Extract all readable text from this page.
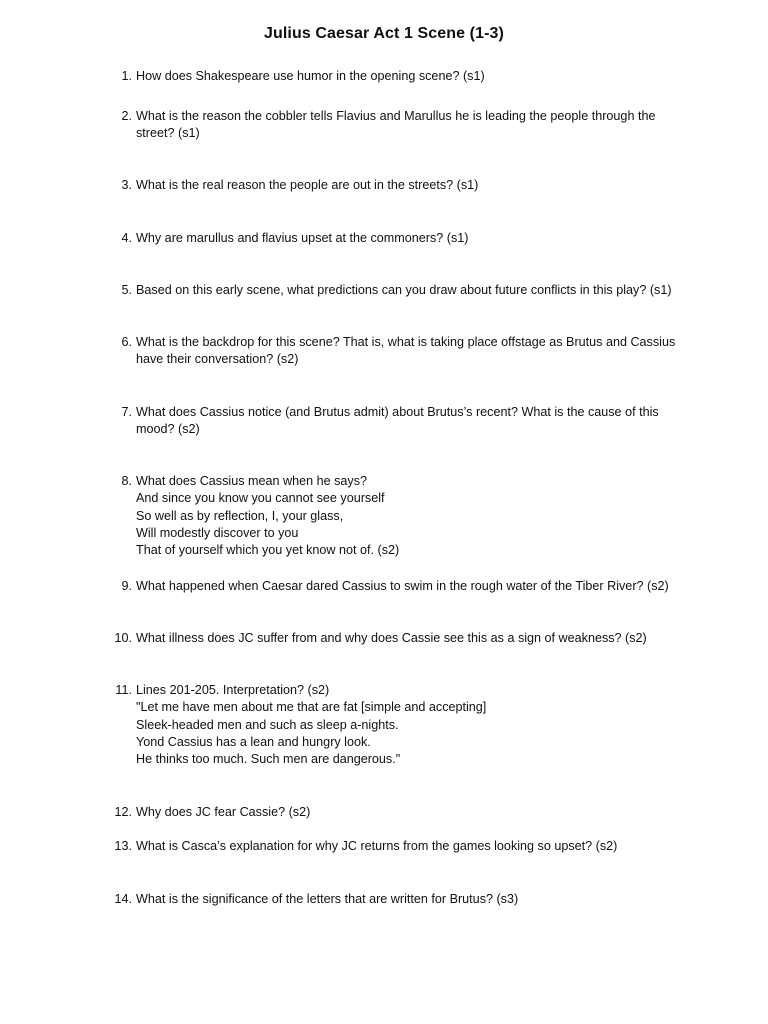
Julius Caesar Act 1 Scene (1-3)
1. How does Shakespeare use humor in the opening scene? (s1)
2. What is the reason the cobbler tells Flavius and Marullus he is leading the people through the
street? (s1)
3. What is the real reason the people are out in the streets? (s1)
4. Why are marullus and flavius upset at the commoners? (s1)
5. Based on this early scene, what predictions can you draw about future conflicts in this play? (s1)
6. What is the backdrop for this scene? That is, what is taking place offstage as Brutus and Cassius
have their conversation? (s2)
7. What does Cassius notice (and Brutus admit) about Brutus’s recent? What is the cause of this
mood? (s2)
8. What does Cassius mean when he says?
And since you know you cannot see yourself
So well as by reflection, I, your glass,
Will modestly discover to you
That of yourself which you yet know not of. (s2)
9. What happened when Caesar dared Cassius to swim in the rough water of the Tiber River? (s2)
10. What illness does JC suffer from and why does Cassie see this as a sign of weakness? (s2)
11. Lines 201-205. Interpretation? (s2)
"Let me have men about me that are fat [simple and accepting]
Sleek-headed men and such as sleep a-nights.
Yond Cassius has a lean and hungry look.
He thinks too much. Such men are dangerous."
12. Why does JC fear Cassie? (s2)
13. What is Casca’s explanation for why JC returns from the games looking so upset? (s2)
14. What is the significance of the letters that are written for Brutus? (s3)
